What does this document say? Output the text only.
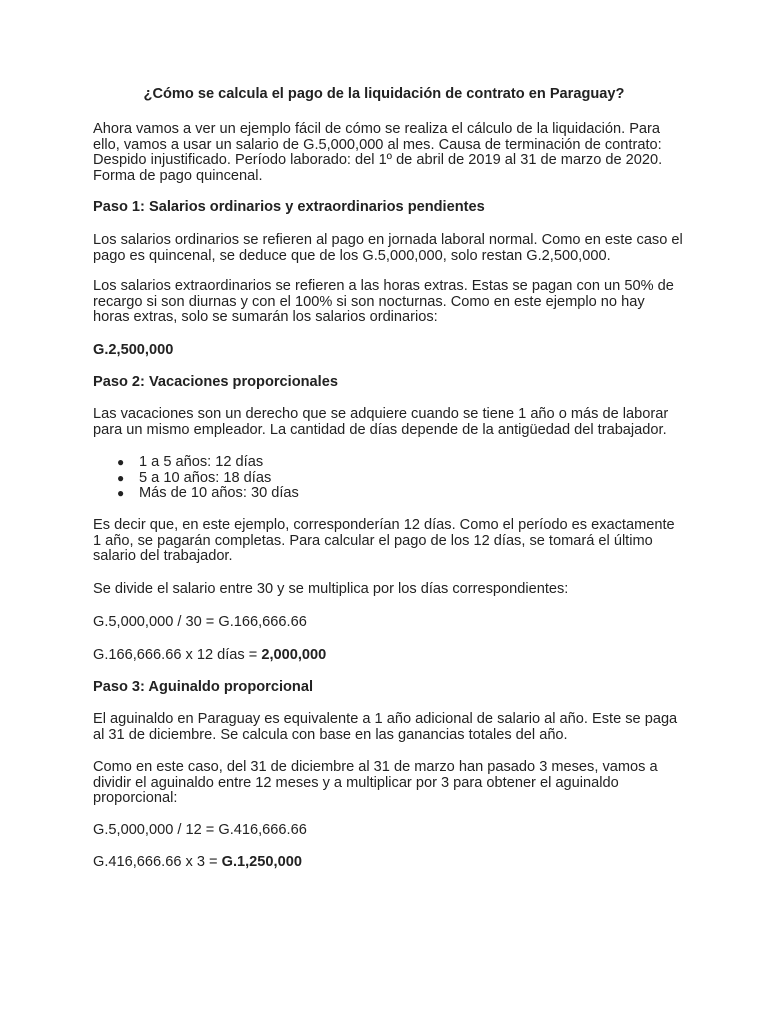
¿Cómo se calcula el pago de la liquidación de contrato en Paraguay?

Ahora vamos a ver un ejemplo fácil de cómo se realiza el cálculo de la liquidación. Para ello, vamos a usar un salario de G.5,000,000 al mes. Causa de terminación de contrato: Despido injustificado. Período laborado: del 1º de abril de 2019 al 31 de marzo de 2020. Forma de pago quincenal.

Paso 1: Salarios ordinarios y extraordinarios pendientes

Los salarios ordinarios se refieren al pago en jornada laboral normal. Como en este caso el pago es quincenal, se deduce que de los G.5,000,000, solo restan G.2,500,000.

Los salarios extraordinarios se refieren a las horas extras. Estas se pagan con un 50% de recargo si son diurnas y con el 100% si son nocturnas. Como en este ejemplo no hay horas extras, solo se sumarán los salarios ordinarios:

G.2,500,000

Paso 2: Vacaciones proporcionales

Las vacaciones son un derecho que se adquiere cuando se tiene 1 año o más de laborar para un mismo empleador. La cantidad de días depende de la antigüedad del trabajador.

● 1 a 5 años: 12 días
● 5 a 10 años: 18 días
● Más de 10 años: 30 días

Es decir que, en este ejemplo, corresponderían 12 días. Como el período es exactamente 1 año, se pagarán completas. Para calcular el pago de los 12 días, se tomará el último salario del trabajador.

Se divide el salario entre 30 y se multiplica por los días correspondientes:

G.5,000,000 / 30 = G.166,666.66

G.166,666.66 x 12 días = 2,000,000

Paso 3: Aguinaldo proporcional

El aguinaldo en Paraguay es equivalente a 1 año adicional de salario al año. Este se paga al 31 de diciembre. Se calcula con base en las ganancias totales del año.

Como en este caso, del 31 de diciembre al 31 de marzo han pasado 3 meses, vamos a dividir el aguinaldo entre 12 meses y a multiplicar por 3 para obtener el aguinaldo proporcional:

G.5,000,000 / 12 = G.416,666.66

G.416,666.66 x 3 = G.1,250,000
